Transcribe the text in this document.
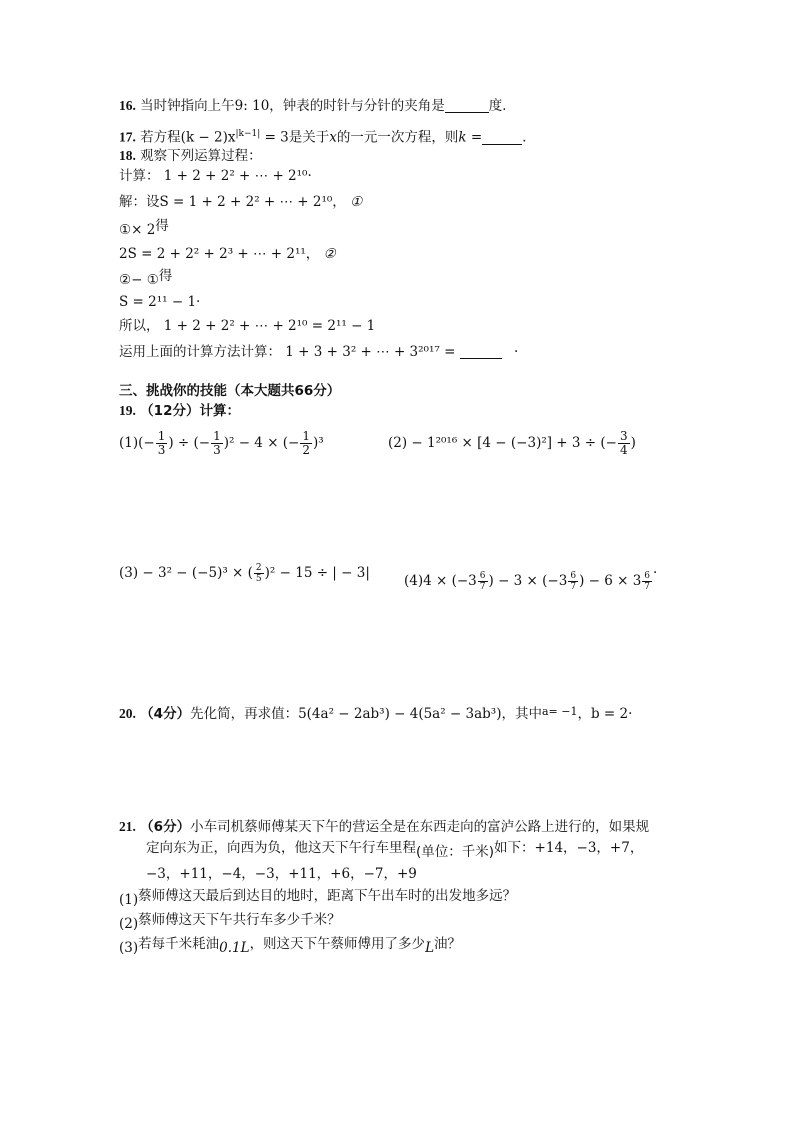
16. 当时钟指向上午9: 10，钟表的时针与分针的夹角是	度．
17. 若方程$(k - 2)x^{|k-1|} = 3$是关于x的一元一次方程，则k =	．
18. 观察下列运算过程：
计算： 1 + 2 + 2² + ⋯ + 2¹⁰·
解：设S = 1 + 2 + 2² + ⋯ + 2¹⁰， ①
①× 2得
2S = 2 + 2² + 2³ + ⋯ + 2¹¹， ②
②− ①得
S = 2¹¹ − 1·
所以， 1 + 2 + 2² + ⋯ + 2¹⁰ = 2¹¹ − 1
运用上面的计算方法计算： 1 + 3 + 3² + ⋯ + 3²⁰¹⁷ =	·
三、挑战你的技能（本大题共66分）
19. （12分）计算：
$(1)(- \frac{1}{3}$ ) ÷ (− $\frac{1}{3} )^2 - 4$ × (− $\frac{1}{2} )^3$	(2) − 1²⁰¹⁶ × [4 − (−3)²] + 3 ÷ (− $\frac{3}{4}$ )
(3) − 3² − (−5)³ × ( $\frac{2}{5} )^2 - 15$ ÷ | − 3|	$(4)4 \times (-3 \frac{6}{7}$ ) − $3 \times (-3 \frac{6}{7}$ ) − $6 \times 3 \frac{6}{7}$ ·
20. （4分）先化简，再求值：5(4a² − 2ab³) − 4(5a² − 3ab³)，其中$^{a= -1}$，b = 2·
21. （6分）小车司机蔡师傅某天下午的营运全是在东西走向的富泸公路上进行的，如果规
定向东为正，向西为负，他这天下午行车里程(单位：千米)如下：+14，−3，+7，
−3，+11，−4，−3，+11，+6，−7，+9
(1)蔡师傅这天最后到达目的地时，距离下午出车时的出发地多远？
(2)蔡师傅这天下午共行车多少千米？
(3)若每千米耗油0.1L，则这天下午蔡师傅用了多少L油？
